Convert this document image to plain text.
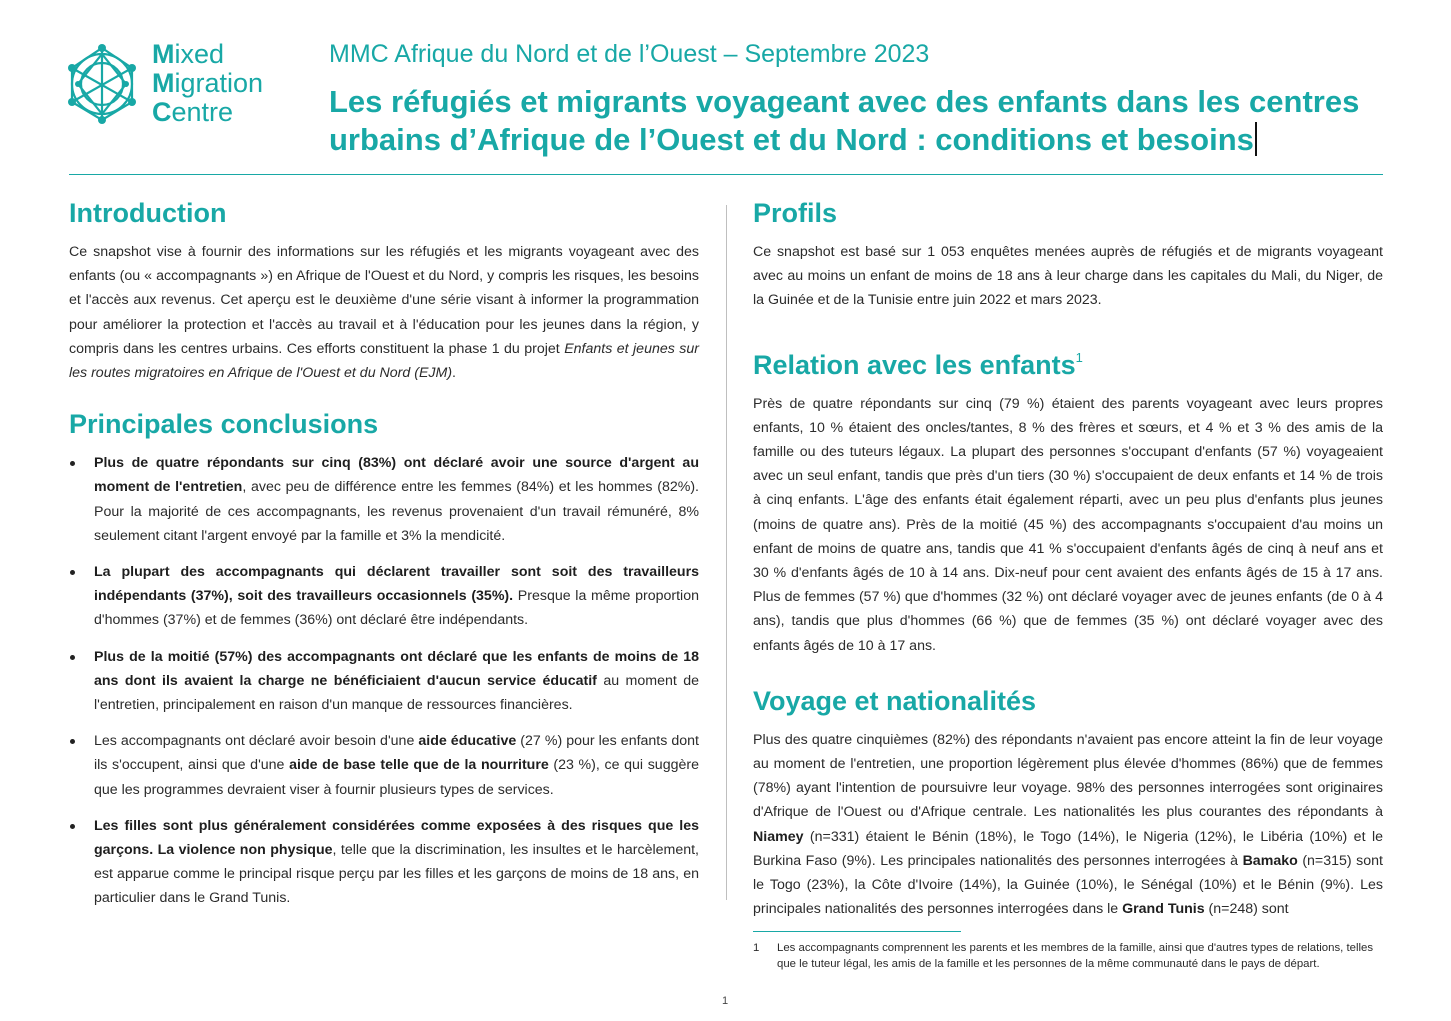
Mixed
Migration
Centre
MMC Afrique du Nord et de l’Ouest – Septembre 2023
Les réfugiés et migrants voyageant avec des enfants dans les centres urbains d’Afrique de l’Ouest et du Nord : conditions et besoins
Introduction

Ce snapshot vise à fournir des informations sur les réfugiés et les migrants voyageant avec des enfants (ou « accompagnants ») en Afrique de l'Ouest et du Nord, y compris les risques, les besoins et l'accès aux revenus. Cet aperçu est le deuxième d'une série visant à informer la programmation pour améliorer la protection et l'accès au travail et à l'éducation pour les jeunes dans la région, y compris dans les centres urbains. Ces efforts constituent la phase 1 du projet Enfants et jeunes sur les routes migratoires en Afrique de l'Ouest et du Nord (EJM).

Principales conclusions
Plus de quatre répondants sur cinq (83%) ont déclaré avoir une source d'argent au moment de l'entretien, avec peu de différence entre les femmes (84%) et les hommes (82%). Pour la majorité de ces accompagnants, les revenus provenaient d'un travail rémunéré, 8% seulement citant l'argent envoyé par la famille et 3% la mendicité.
La plupart des accompagnants qui déclarent travailler sont soit des travailleurs indépendants (37%), soit des travailleurs occasionnels (35%). Presque la même proportion d'hommes (37%) et de femmes (36%) ont déclaré être indépendants.
Plus de la moitié (57%) des accompagnants ont déclaré que les enfants de moins de 18 ans dont ils avaient la charge ne bénéficiaient d'aucun service éducatif au moment de l'entretien, principalement en raison d'un manque de ressources financières.
Les accompagnants ont déclaré avoir besoin d'une aide éducative (27 %) pour les enfants dont ils s'occupent, ainsi que d'une aide de base telle que de la nourriture (23 %), ce qui suggère que les programmes devraient viser à fournir plusieurs types de services.
Les filles sont plus généralement considérées comme exposées à des risques que les garçons. La violence non physique, telle que la discrimination, les insultes et le harcèlement, est apparue comme le principal risque perçu par les filles et les garçons de moins de 18 ans, en particulier dans le Grand Tunis.
Profils

Ce snapshot est basé sur 1 053 enquêtes menées auprès de réfugiés et de migrants voyageant avec au moins un enfant de moins de 18 ans à leur charge dans les capitales du Mali, du Niger, de la Guinée et de la Tunisie entre juin 2022 et mars 2023.

Relation avec les enfants$^1$

Près de quatre répondants sur cinq (79 %) étaient des parents voyageant avec leurs propres enfants, 10 % étaient des oncles/tantes, 8 % des frères et sœurs, et 4 % et 3 % des amis de la famille ou des tuteurs légaux. La plupart des personnes s'occupant d'enfants (57 %) voyageaient avec un seul enfant, tandis que près d'un tiers (30 %) s'occupaient de deux enfants et 14 % de trois à cinq enfants. L'âge des enfants était également réparti, avec un peu plus d'enfants plus jeunes (moins de quatre ans). Près de la moitié (45 %) des accompagnants s'occupaient d'au moins un enfant de moins de quatre ans, tandis que 41 % s'occupaient d'enfants âgés de cinq à neuf ans et 30 % d'enfants âgés de 10 à 14 ans. Dix-neuf pour cent avaient des enfants âgés de 15 à 17 ans. Plus de femmes (57 %) que d'hommes (32 %) ont déclaré voyager avec de jeunes enfants (de 0 à 4 ans), tandis que plus d'hommes (66 %) que de femmes (35 %) ont déclaré voyager avec des enfants âgés de 10 à 17 ans.

Voyage et nationalités

Plus des quatre cinquièmes (82%) des répondants n'avaient pas encore atteint la fin de leur voyage au moment de l'entretien, une proportion légèrement plus élevée d'hommes (86%) que de femmes (78%) ayant l'intention de poursuivre leur voyage. 98% des personnes interrogées sont originaires d'Afrique de l'Ouest ou d'Afrique centrale. Les nationalités les plus courantes des répondants à Niamey (n=331) étaient le Bénin (18%), le Togo (14%), le Nigeria (12%), le Libéria (10%) et le Burkina Faso (9%). Les principales nationalités des personnes interrogées à Bamako (n=315) sont le Togo (23%), la Côte d'Ivoire (14%), la Guinée (10%), le Sénégal (10%) et le Bénin (9%). Les principales nationalités des personnes interrogées dans le Grand Tunis (n=248) sont

1 Les accompagnants comprennent les parents et les membres de la famille, ainsi que d'autres types de relations, telles que le tuteur légal, les amis de la famille et les personnes de la même communauté dans le pays de départ.
1
